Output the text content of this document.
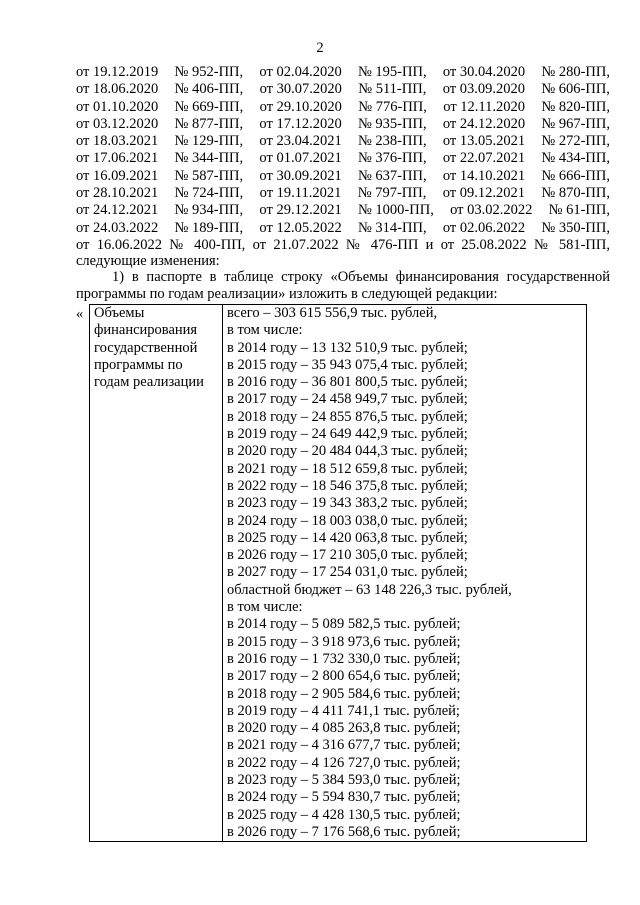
2
от 19.12.2019 № 952-ПП, от 02.04.2020 № 195-ПП, от 30.04.2020 № 280-ПП,
от 18.06.2020 № 406-ПП, от 30.07.2020 № 511-ПП, от 03.09.2020 № 606-ПП,
от 01.10.2020 № 669-ПП, от 29.10.2020 № 776-ПП, от 12.11.2020 № 820-ПП,
от 03.12.2020 № 877-ПП, от 17.12.2020 № 935-ПП, от 24.12.2020 № 967-ПП,
от 18.03.2021 № 129-ПП, от 23.04.2021 № 238-ПП, от 13.05.2021 № 272-ПП,
от 17.06.2021 № 344-ПП, от 01.07.2021 № 376-ПП, от 22.07.2021 № 434-ПП,
от 16.09.2021 № 587-ПП, от 30.09.2021 № 637-ПП, от 14.10.2021 № 666-ПП,
от 28.10.2021 № 724-ПП, от 19.11.2021 № 797-ПП, от 09.12.2021 № 870-ПП,
от 24.12.2021 № 934-ПП, от 29.12.2021 № 1000-ПП, от 03.02.2022 № 61-ПП,
от 24.03.2022 № 189-ПП, от 12.05.2022 № 314-ПП, от 02.06.2022 № 350-ПП,
от 16.06.2022 № 400-ПП, от 21.07.2022 № 476-ПП и от 25.08.2022 № 581-ПП,
следующие изменения:
1) в паспорте в таблице строку «Объемы финансирования государственной
программы по годам реализации» изложить в следующей редакции:
« Объемы
финансирования
государственной
программы по
годам реализации

всего – 303 615 556,9 тыс. рублей,
в том числе:
в 2014 году – 13 132 510,9 тыс. рублей;
в 2015 году – 35 943 075,4 тыс. рублей;
в 2016 году – 36 801 800,5 тыс. рублей;
в 2017 году – 24 458 949,7 тыс. рублей;
в 2018 году – 24 855 876,5 тыс. рублей;
в 2019 году – 24 649 442,9 тыс. рублей;
в 2020 году – 20 484 044,3 тыс. рублей;
в 2021 году – 18 512 659,8 тыс. рублей;
в 2022 году – 18 546 375,8 тыс. рублей;
в 2023 году – 19 343 383,2 тыс. рублей;
в 2024 году – 18 003 038,0 тыс. рублей;
в 2025 году – 14 420 063,8 тыс. рублей;
в 2026 году – 17 210 305,0 тыс. рублей;
в 2027 году – 17 254 031,0 тыс. рублей;
областной бюджет – 63 148 226,3 тыс. рублей,
в том числе:
в 2014 году – 5 089 582,5 тыс. рублей;
в 2015 году – 3 918 973,6 тыс. рублей;
в 2016 году – 1 732 330,0 тыс. рублей;
в 2017 году – 2 800 654,6 тыс. рублей;
в 2018 году – 2 905 584,6 тыс. рублей;
в 2019 году – 4 411 741,1 тыс. рублей;
в 2020 году – 4 085 263,8 тыс. рублей;
в 2021 году – 4 316 677,7 тыс. рублей;
в 2022 году – 4 126 727,0 тыс. рублей;
в 2023 году – 5 384 593,0 тыс. рублей;
в 2024 году – 5 594 830,7 тыс. рублей;
в 2025 году – 4 428 130,5 тыс. рублей;
в 2026 году – 7 176 568,6 тыс. рублей;
